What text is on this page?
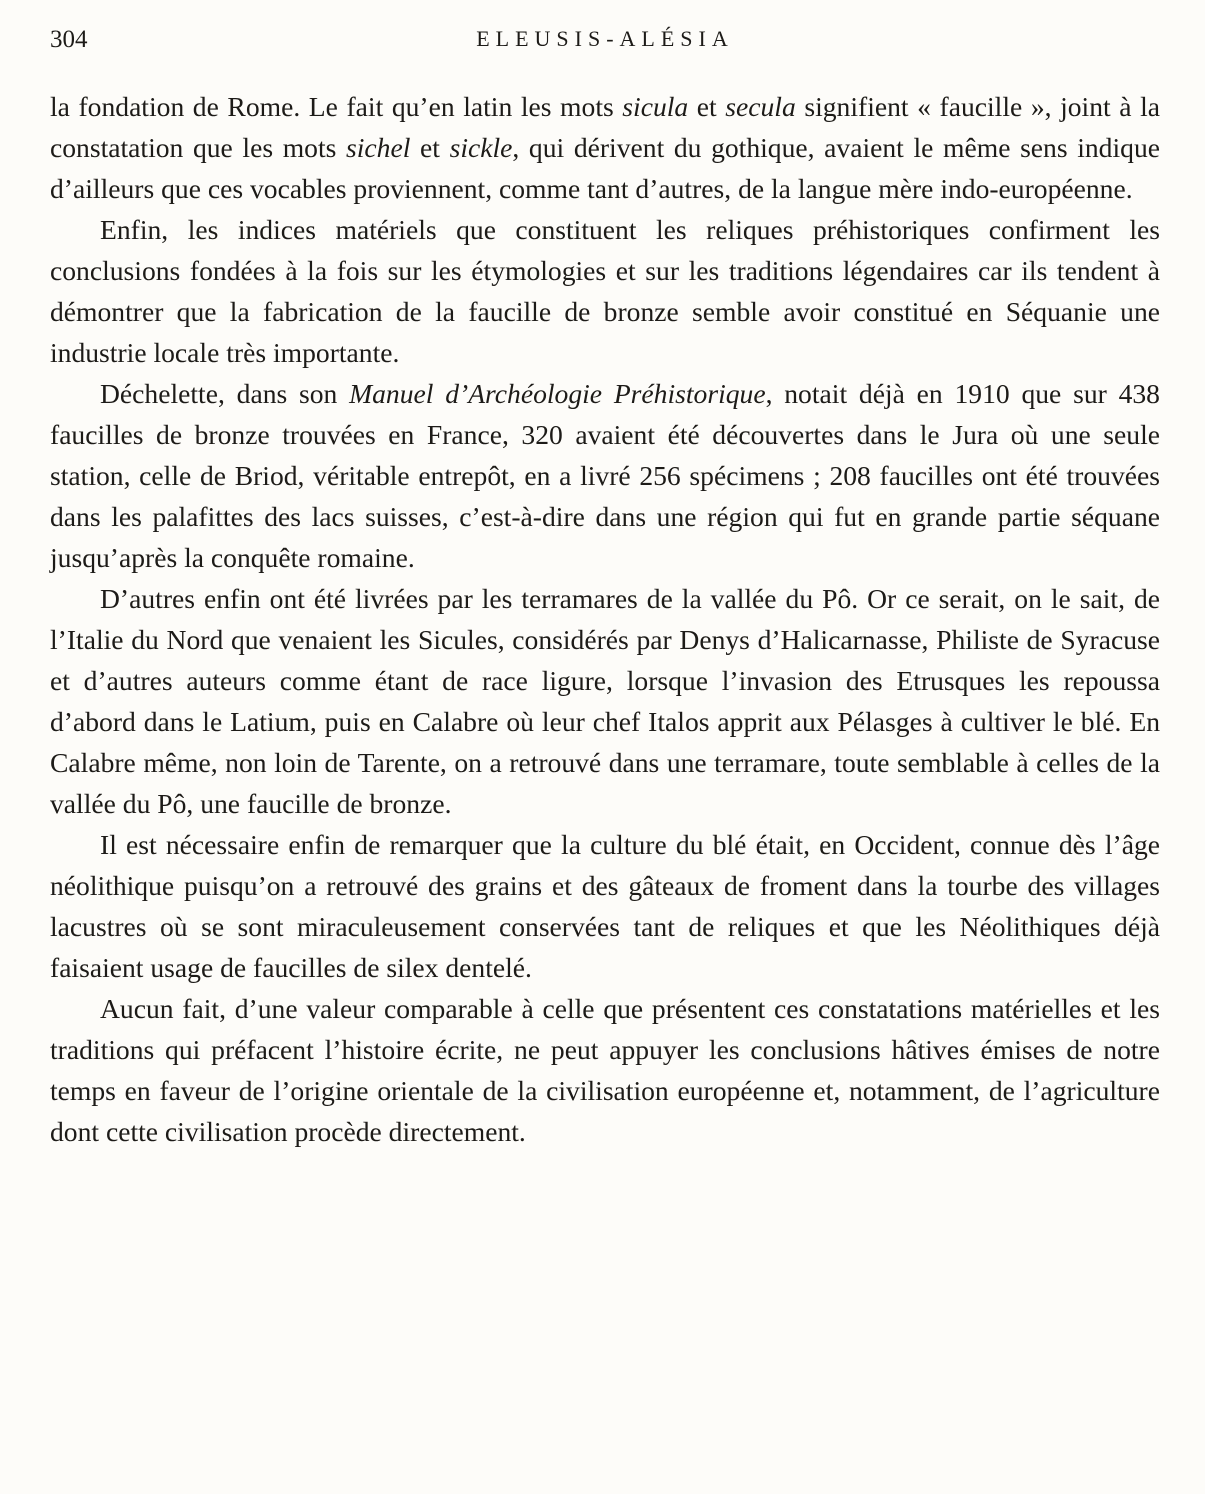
304	ELEUSIS-ALÉSIA

la fondation de Rome. Le fait qu’en latin les mots sicula et secula signifient « faucille », joint à la constatation que les mots sichel et sickle, qui dérivent du gothique, avaient le même sens indique d’ailleurs que ces vocables proviennent, comme tant d’autres, de la langue mère indo-européenne.

Enfin, les indices matériels que constituent les reliques préhistoriques confirment les conclusions fondées à la fois sur les étymologies et sur les traditions légendaires car ils tendent à démontrer que la fabrication de la faucille de bronze semble avoir constitué en Séquanie une industrie locale très importante.

Déchelette, dans son Manuel d’Archéologie Préhistorique, notait déjà en 1910 que sur 438 faucilles de bronze trouvées en France, 320 avaient été découvertes dans le Jura où une seule station, celle de Briod, véritable entrepôt, en a livré 256 spécimens ; 208 faucilles ont été trouvées dans les palafittes des lacs suisses, c’est-à-dire dans une région qui fut en grande partie séquane jusqu’après la conquête romaine.

D’autres enfin ont été livrées par les terramares de la vallée du Pô. Or ce serait, on le sait, de l’Italie du Nord que venaient les Sicules, considérés par Denys d’Halicarnasse, Philiste de Syracuse et d’autres auteurs comme étant de race ligure, lorsque l’invasion des Etrusques les repoussa d’abord dans le Latium, puis en Calabre où leur chef Italos apprit aux Pélasges à cultiver le blé. En Calabre même, non loin de Tarente, on a retrouvé dans une terramare, toute semblable à celles de la vallée du Pô, une faucille de bronze.

Il est nécessaire enfin de remarquer que la culture du blé était, en Occident, connue dès l’âge néolithique puisqu’on a retrouvé des grains et des gâteaux de froment dans la tourbe des villages lacustres où se sont miraculeusement conservées tant de reliques et que les Néolithiques déjà faisaient usage de faucilles de silex dentelé.

Aucun fait, d’une valeur comparable à celle que présentent ces constatations matérielles et les traditions qui préfacent l’histoire écrite, ne peut appuyer les conclusions hâtives émises de notre temps en faveur de l’origine orientale de la civilisation européenne et, notamment, de l’agriculture dont cette civilisation procède directement.
